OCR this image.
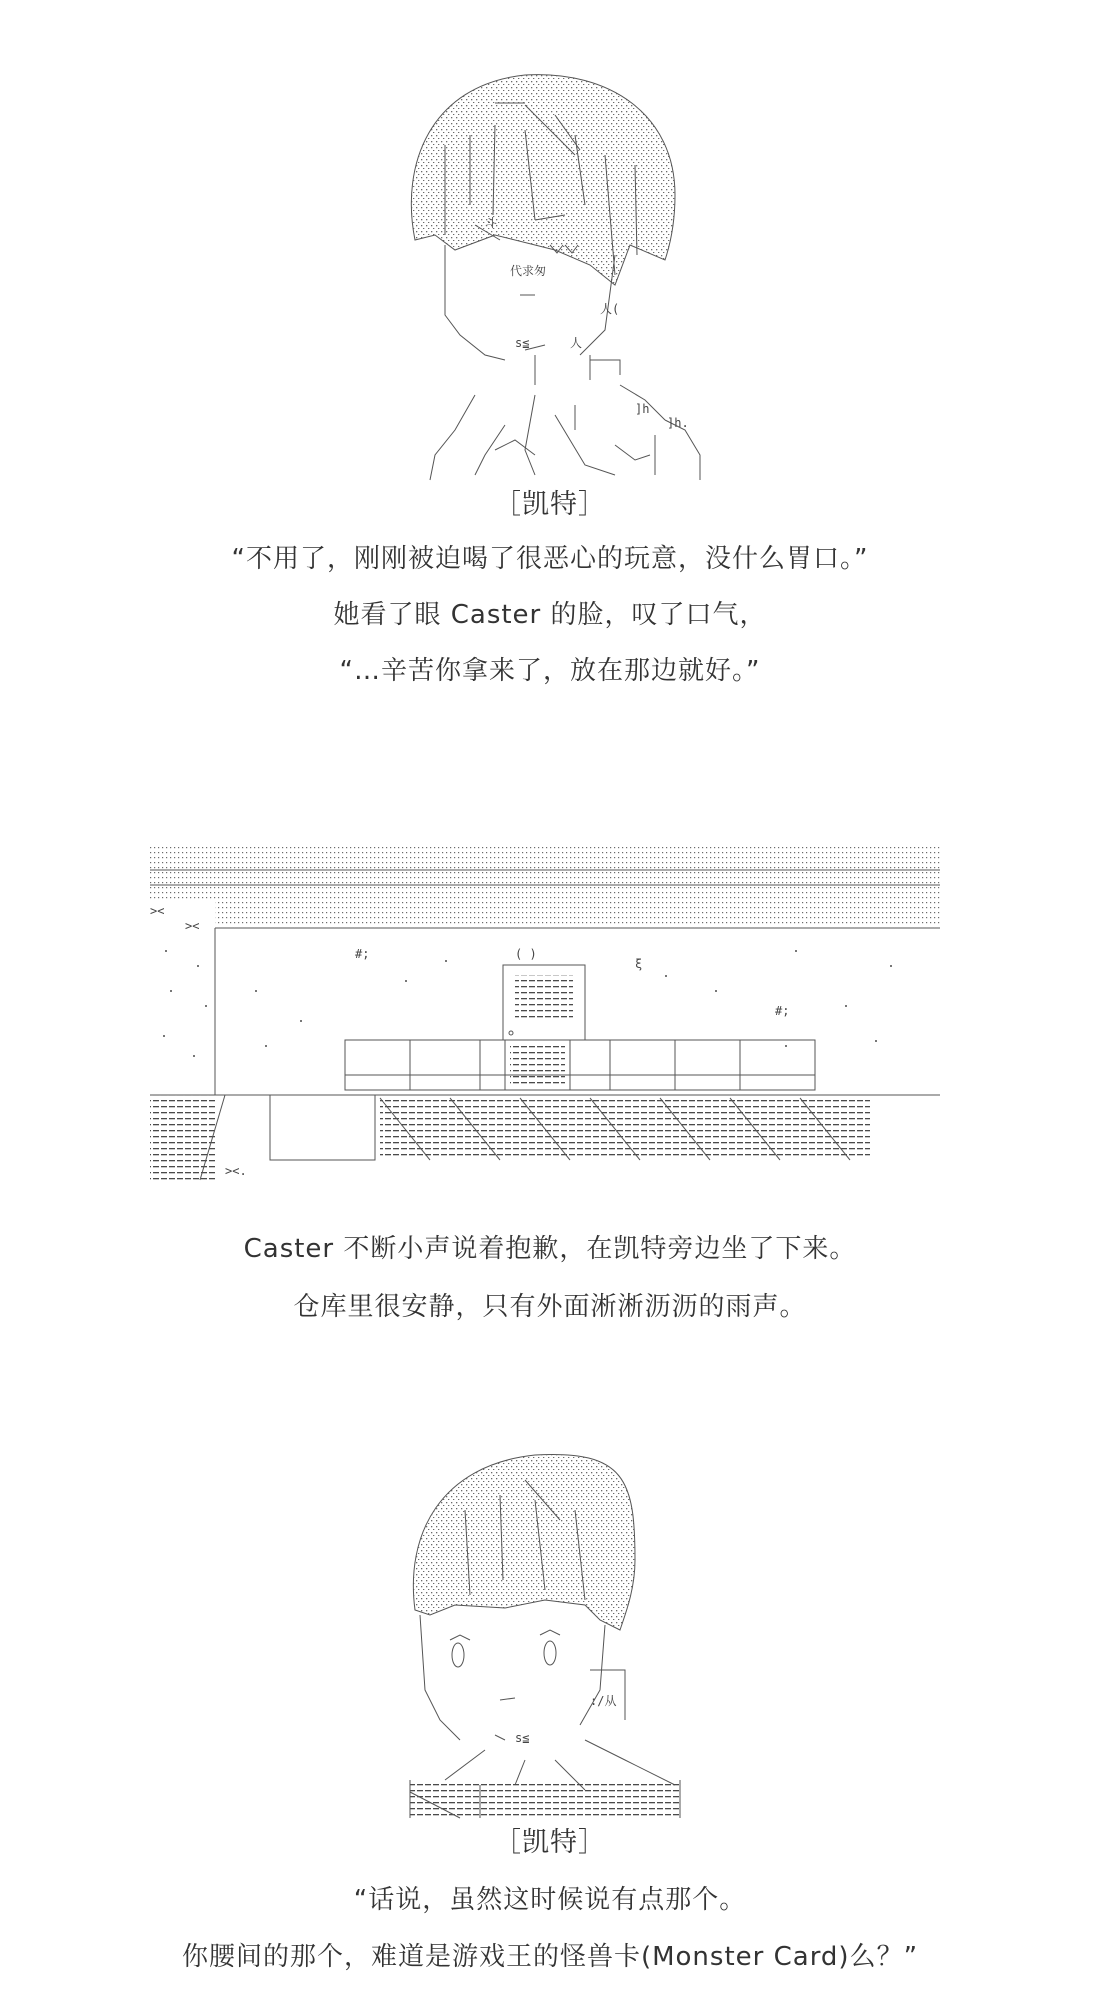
斗
代求匆
人(
s≦	人
]h
]h.
［凯特］
“不用了，刚刚被迫喝了很恶心的玩意，没什么胃口。”
她看了眼 Caster 的脸，叹了口气，
“…辛苦你拿来了，放在那边就好。”
><
><
#;
#;
ξ
( )
><.
Caster 不断小声说着抱歉，在凯特旁边坐了下来。
仓库里很安静，只有外面淅淅沥沥的雨声。
:/从
s≦
［凯特］
“话说，虽然这时候说有点那个。
你腰间的那个，难道是游戏王的怪兽卡(Monster Card)么？”
